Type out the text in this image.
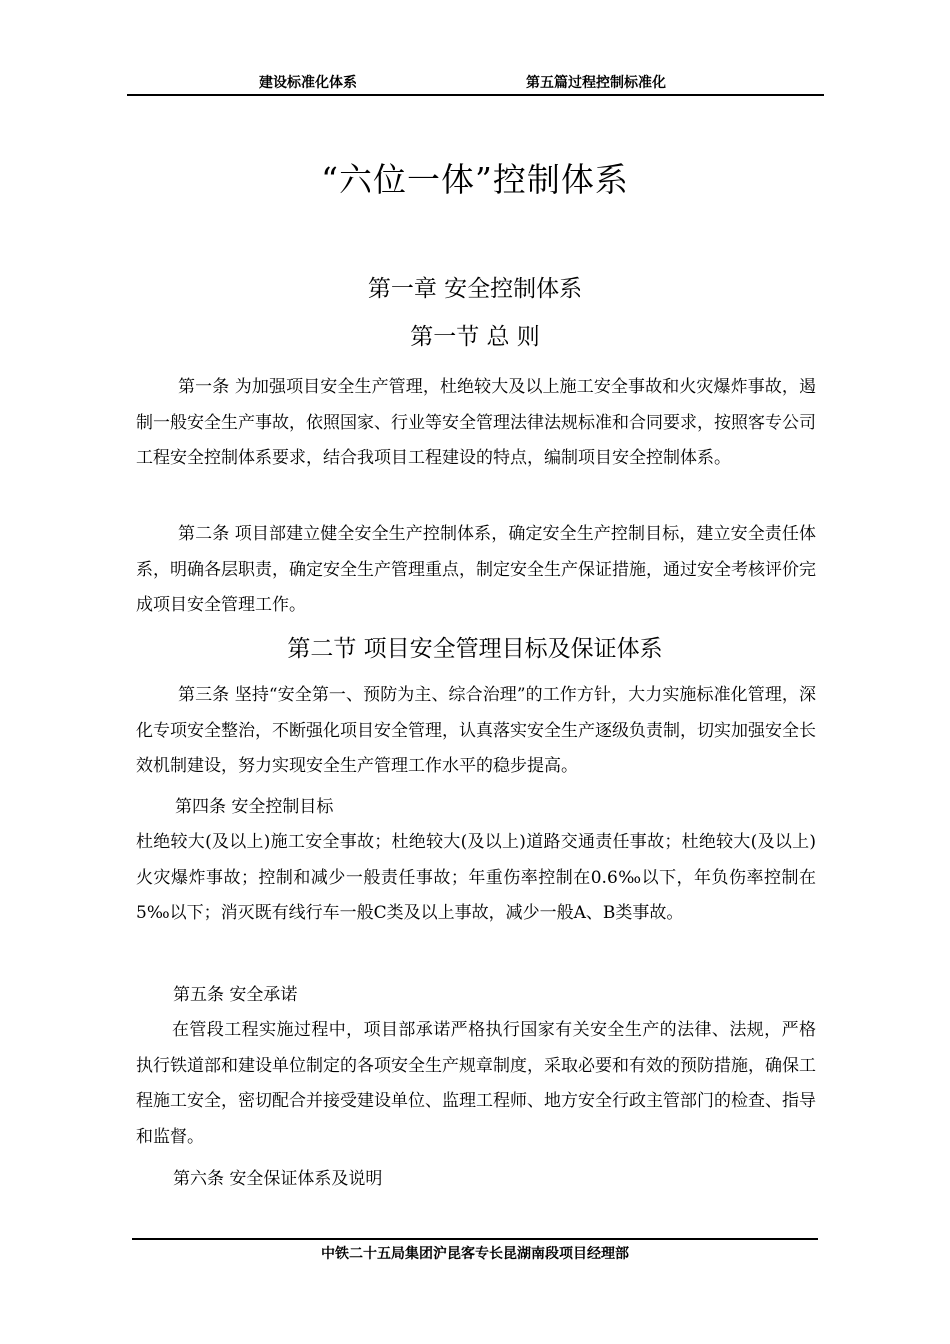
建设标准化体系	第五篇过程控制标准化
“六位一体”控制体系
第一章 安全控制体系
第一节 总 则

第一条 为加强项目安全生产管理，杜绝较大及以上施工安全事故和火灾爆炸事故，遏制一般安全生产事故，依照国家、行业等安全管理法律法规标准和合同要求，按照客专公司工程安全控制体系要求，结合我项目工程建设的特点，编制项目安全控制体系。

第二条 项目部建立健全安全生产控制体系，确定安全生产控制目标，建立安全责任体系，明确各层职责，确定安全生产管理重点，制定安全生产保证措施，通过安全考核评价完成项目安全管理工作。

第二节 项目安全管理目标及保证体系

第三条 坚持“安全第一、预防为主、综合治理”的工作方针，大力实施标准化管理，深化专项安全整治，不断强化项目安全管理，认真落实安全生产逐级负责制，切实加强安全长效机制建设，努力实现安全生产管理工作水平的稳步提高。

第四条 安全控制目标

杜绝较大(及以上)施工安全事故；杜绝较大(及以上)道路交通责任事故；杜绝较大(及以上)火灾爆炸事故；控制和减少一般责任事故；年重伤率控制在0.6‰以下，年负伤率控制在5‰以下；消灭既有线行车一般C类及以上事故，减少一般A、B类事故。

第五条 安全承诺

在管段工程实施过程中，项目部承诺严格执行国家有关安全生产的法律、法规，严格执行铁道部和建设单位制定的各项安全生产规章制度，采取必要和有效的预防措施，确保工程施工安全，密切配合并接受建设单位、监理工程师、地方安全行政主管部门的检查、指导和监督。

第六条 安全保证体系及说明

中铁二十五局集团沪昆客专长昆湖南段项目经理部
